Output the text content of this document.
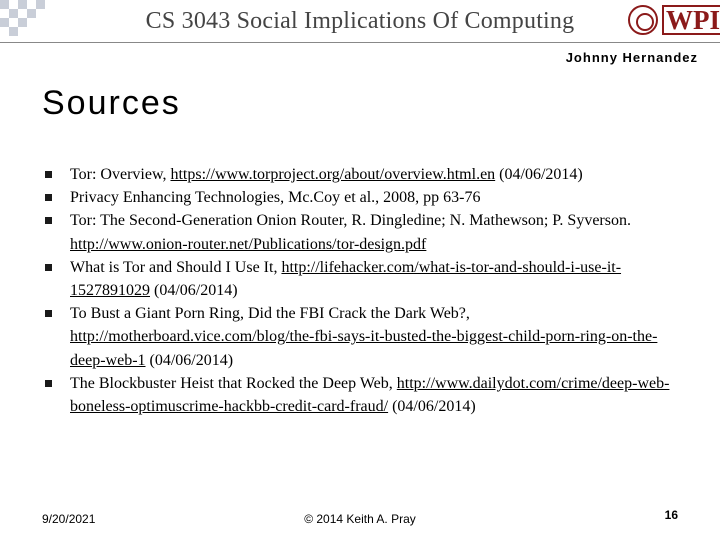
CS 3043 Social Implications Of Computing	WPI
Johnny Hernandez
Sources
Tor: Overview, https://www.torproject.org/about/overview.html.en (04/06/2014)
Privacy Enhancing Technologies, Mc.Coy et al., 2008, pp 63-76
Tor: The Second-Generation Onion Router, R. Dingledine; N. Mathewson; P. Syverson. http://www.onion-router.net/Publications/tor-design.pdf
What is Tor and Should I Use It, http://lifehacker.com/what-is-tor-and-should-i-use-it-1527891029 (04/06/2014)
To Bust a Giant Porn Ring, Did the FBI Crack the Dark Web?, http://motherboard.vice.com/blog/the-fbi-says-it-busted-the-biggest-child-porn-ring-on-the-deep-web-1 (04/06/2014)
The Blockbuster Heist that Rocked the Deep Web, http://www.dailydot.com/crime/deep-web-boneless-optimuscrime-hackbb-credit-card-fraud/ (04/06/2014)
9/20/2021	© 2014 Keith A. Pray	16
